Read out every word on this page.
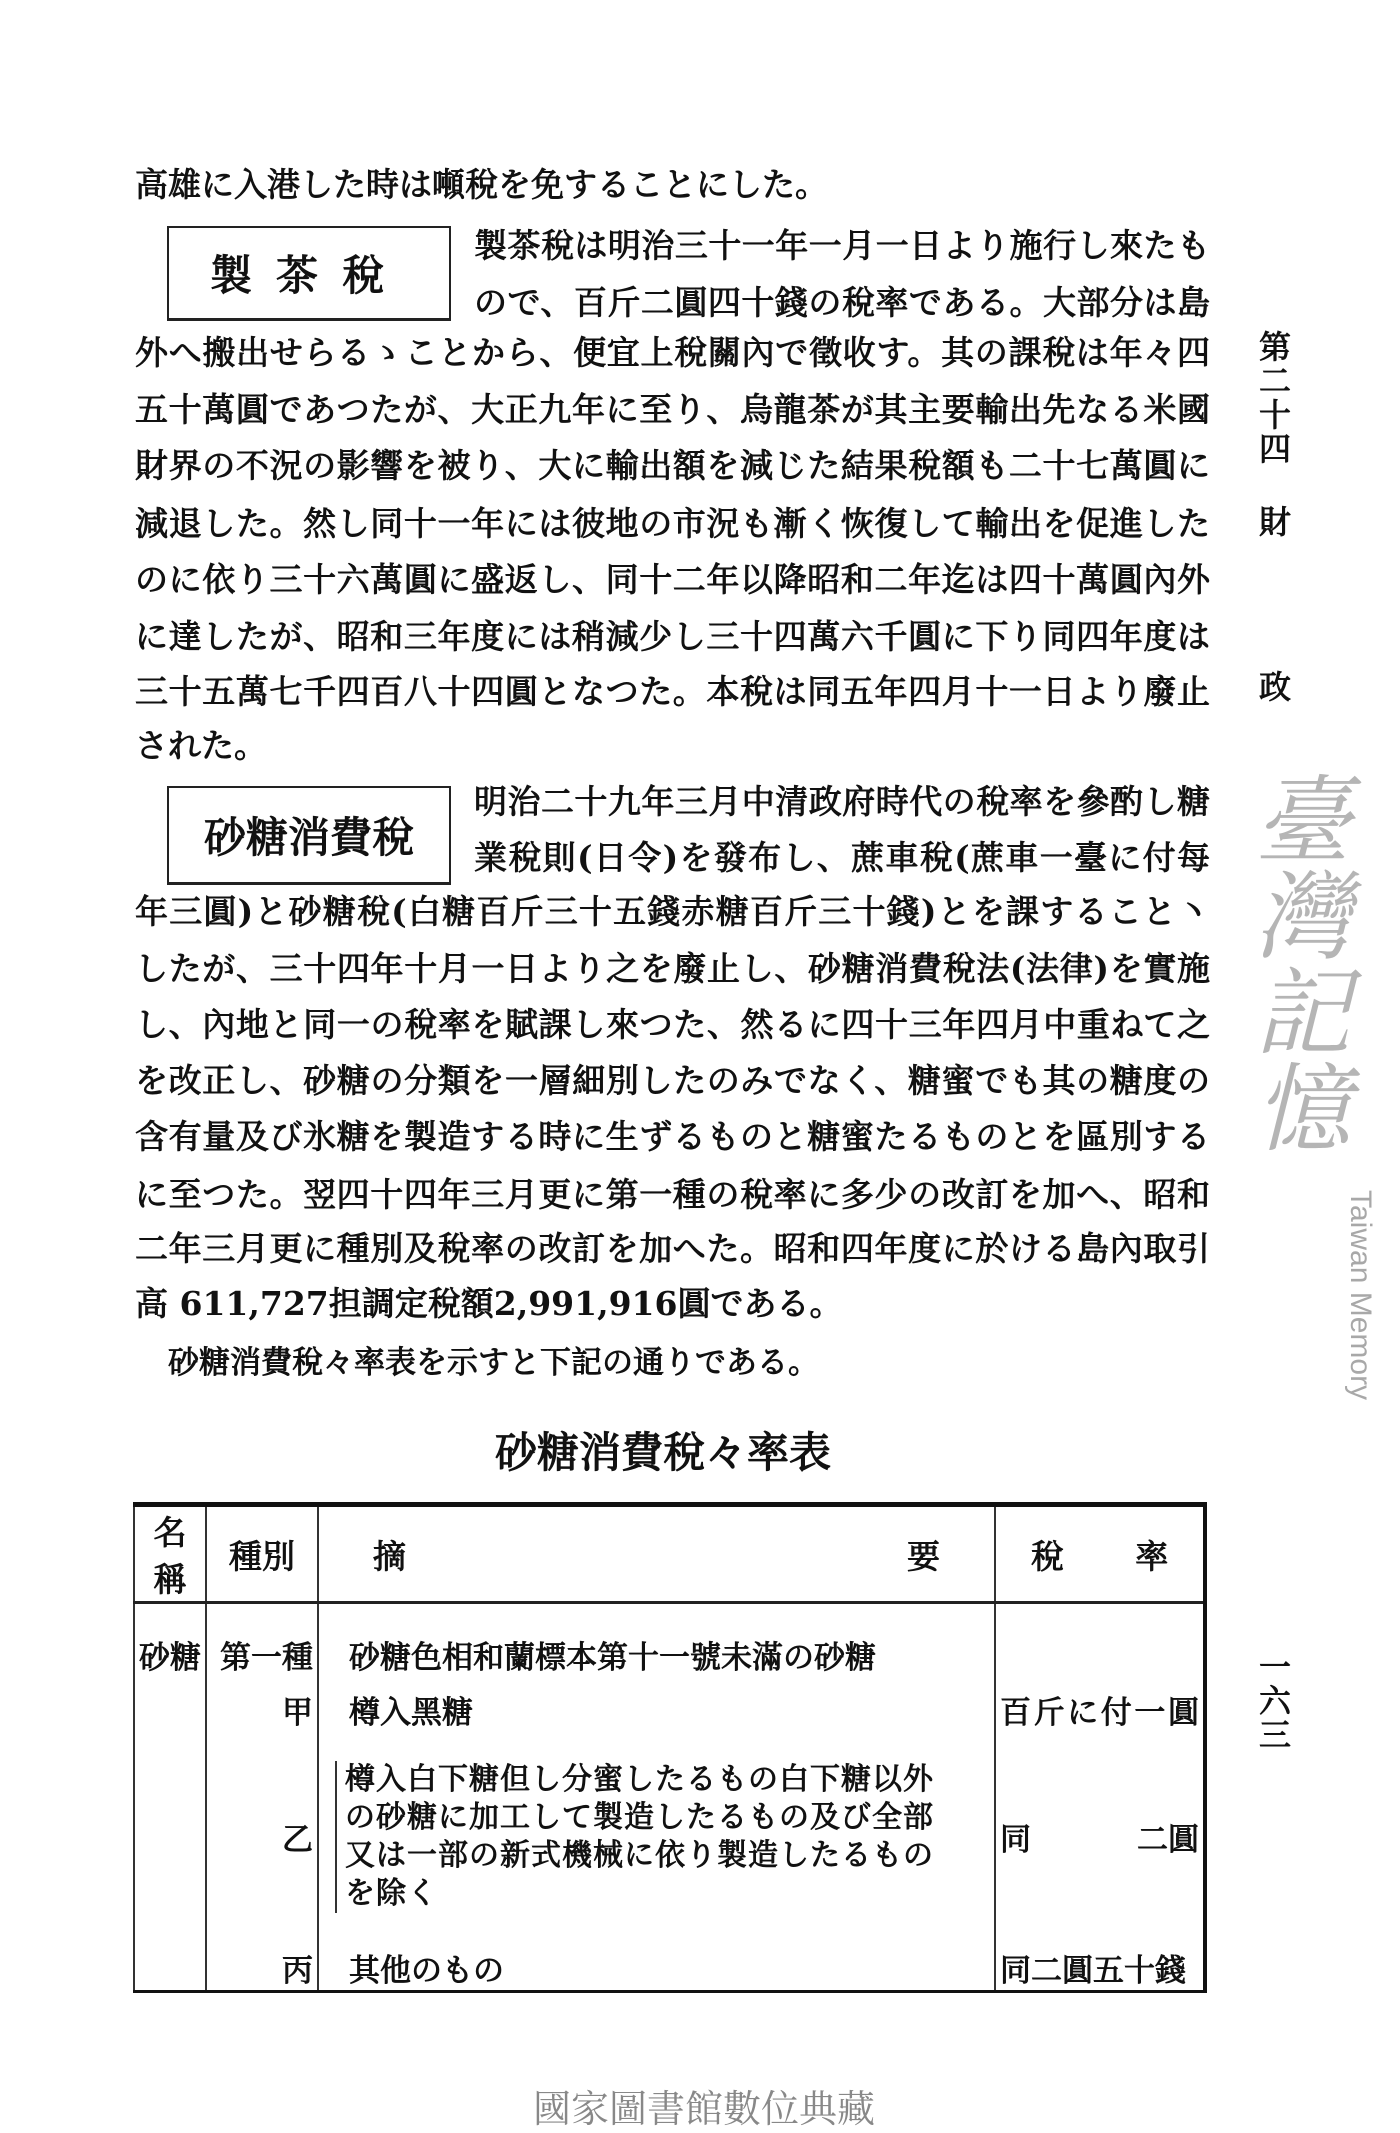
第二十四
財
政
一六三
高雄に入港した時は噸稅を免することにした。
製茶稅
製茶稅は明治三十一年一月一日より施行し來たも
ので、百斤二圓四十錢の稅率である。大部分は島
外へ搬出せらるゝことから、便宜上稅關內で徵收す。其の課稅は年々四
五十萬圓であつたが、大正九年に至り、烏龍茶が其主要輸出先なる米國
財界の不況の影響を被り、大に輸出額を減じた結果稅額も二十七萬圓に
減退した。然し同十一年には彼地の市況も漸く恢復して輸出を促進した
のに依り三十六萬圓に盛返し、同十二年以降昭和二年迄は四十萬圓內外
に達したが、昭和三年度には稍減少し三十四萬六千圓に下り同四年度は
三十五萬七千四百八十四圓となつた。本稅は同五年四月十一日より廢止
された。
砂糖消費稅
明治二十九年三月中清政府時代の稅率を參酌し糖
業稅則(日令)を發布し、蔗車稅(蔗車一臺に付每
年三圓)と砂糖稅(白糖百斤三十五錢赤糖百斤三十錢)とを課すること丶
したが、三十四年十月一日より之を廢止し、砂糖消費稅法(法律)を實施
し、內地と同一の稅率を賦課し來つた、然るに四十三年四月中重ねて之
を改正し、砂糖の分類を一層細別したのみでなく、糖蜜でも其の糖度の
含有量及び氷糖を製造する時に生ずるものと糖蜜たるものとを區別する
に至つた。翌四十四年三月更に第一種の稅率に多少の改訂を加へ、昭和
二年三月更に種別及稅率の改訂を加へた。昭和四年度に於ける島內取引
高 611,727担調定稅額2,991,916圓である。
砂糖消費稅々率表を示すと下記の通りである。
臺灣記憶
Taiwan Memory
砂糖消費稅々率表
名稱	種別	摘 要	稅 率
砂糖	第一種	砂糖色相和蘭標本第十一號未滿の砂糖	
	甲	樽入黑糖	百斤に付一圓
	乙	樽入白下糖但し分蜜したるもの白下糖以外の砂糖に加工して製造したるもの及び全部又は一部の新式機械に依り製造したるものを除く	同 二圓

	丙	其他のもの	同二圓五十錢
國家圖書館數位典藏
